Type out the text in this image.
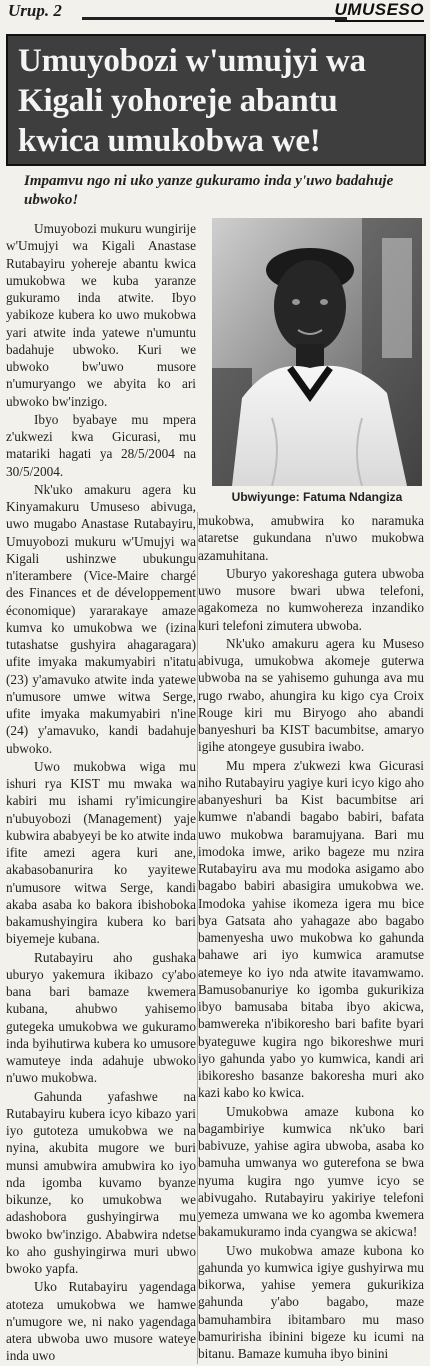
Urup. 2	UMUSESO
Umuyobozi w'umujyi wa
Kigali yohoreje abantu
kwica umukobwa we!
Impamvu ngo ni uko yanze gukuramo inda y'uwo badahuje ubwoko!
Ubwiyunge: Fatuma Ndangiza

Umuyobozi mukuru wungirije w'Umujyi wa Kigali Anastase Rutabayiru yohereje abantu kwica umukobwa we kuba yaranze gukuramo inda atwite. Ibyo yabikoze kubera ko uwo mukobwa yari atwite inda yatewe n'umuntu badahuje ubwoko. Kuri we ubwoko bw'uwo musore n'umuryango we abyita ko ari ubwoko bw'inzigo.

Ibyo byabaye mu mpera z'ukwezi kwa Gicurasi, mu matariki hagati ya 28/5/2004 na 30/5/2004.

Nk'uko amakuru agera ku Kinyamakuru Umuseso abivuga, uwo mugabo Anastase Rutabayiru, Umuyobozi mukuru w'Umujyi wa Kigali ushinzwe ubukungu n'iterambere (Vice-Maire chargé des Finances et de développement économique) yararakaye amaze kumva ko umukobwa we (izina tutashatse gushyira ahagaragara) ufite imyaka makumyabiri n'itatu (23) y'amavuko atwite inda yatewe n'umusore umwe witwa Serge, ufite imyaka makumyabiri n'ine (24) y'amavuko, kandi badahuje ubwoko.

Uwo mukobwa wiga mu ishuri rya KIST mu mwaka wa kabiri mu ishami ry'imicungire n'ubuyobozi (Management) yaje kubwira ababyeyi be ko atwite inda ifite amezi agera kuri ane, akabasobanurira ko yayitewe n'umusore witwa Serge, kandi akaba asaba ko bakora ibishoboka bakamushyingira kubera ko bari biyemeje kubana.

Rutabayiru aho gushaka uburyo yakemura ikibazo cy'abo bana bari bamaze kwemera kubana, ahubwo yahisemo gutegeka umukobwa we gukuramo inda byihutirwa kubera ko umusore wamuteye inda adahuje ubwoko n'uwo mukobwa.

Gahunda yafashwe na Rutabayiru kubera icyo kibazo yari iyo gutoteza umukobwa we na nyina, akubita mugore we buri munsi amubwira amubwira ko iyo nda igomba kuvamo byanze bikunze, ko umukobwa we adashobora gushyingirwa mu bwoko bw'inzigo. Ababwira ndetse ko aho gushyingirwa muri ubwo bwoko yapfa.

Uko Rutabayiru yagendaga atoteza umukobwa we hamwe n'umugore we, ni nako yagendaga atera ubwoba uwo musore wateye inda uwo

mukobwa, amubwira ko naramuka ataretse gukundana n'uwo mukobwa azamuhitana.

Uburyo yakoreshaga gutera ubwoba uwo musore bwari ubwa telefoni, agakomeza no kumwohereza inzandiko kuri telefoni zimutera ubwoba.

Nk'uko amakuru agera ku Museso abivuga, umukobwa akomeje guterwa ubwoba na se yahisemo guhunga ava mu rugo rwabo, ahungira ku kigo cya Croix Rouge kiri mu Biryogo aho abandi banyeshuri ba KIST bacumbitse, amaryo igihe atongeye gusubira iwabo.

Mu mpera z'ukwezi kwa Gicurasi niho Rutabayiru yagiye kuri icyo kigo aho abanyeshuri ba Kist bacumbitse ari kumwe n'abandi bagabo babiri, bafata uwo mukobwa baramujyana. Bari mu imodoka imwe, ariko bageze mu nzira Rutabayiru ava mu modoka asigamo abo bagabo babiri abasigira umukobwa we. Imodoka yahise ikomeza igera mu bice bya Gatsata aho yahagaze abo bagabo bamenyesha uwo mukobwa ko gahunda bahawe ari iyo kumwica aramutse atemeye ko iyo nda atwite itavamwamo. Bamusobanuriye ko igomba gukurikiza ibyo bamusaba bitaba ibyo akicwa, bamwereka n'ibikoresho bari bafite byari byateguwe kugira ngo bikoreshwe muri iyo gahunda yabo yo kumwica, kandi ari ibikoresho basanze bakoresha muri ako kazi kabo ko kwica.

Umukobwa amaze kubona ko bagambiriye kumwica nk'uko bari babivuze, yahise agira ubwoba, asaba ko bamuha umwanya wo guterefona se bwa nyuma kugira ngo yumve icyo se abivugaho. Rutabayiru yakiriye telefoni yemeza umwana we ko agomba kwemera bakamukuramo inda cyangwa se akicwa!

Uwo mukobwa amaze kubona ko gahunda yo kumwica igiye gushyirwa mu bikorwa, yahise yemera gukurikiza gahunda y'abo bagabo, maze bamuhambira ibitambaro mu maso bamuririsha ibinini bigeze ku icumi na bitanu. Bamaze kumuha ibyo binini
